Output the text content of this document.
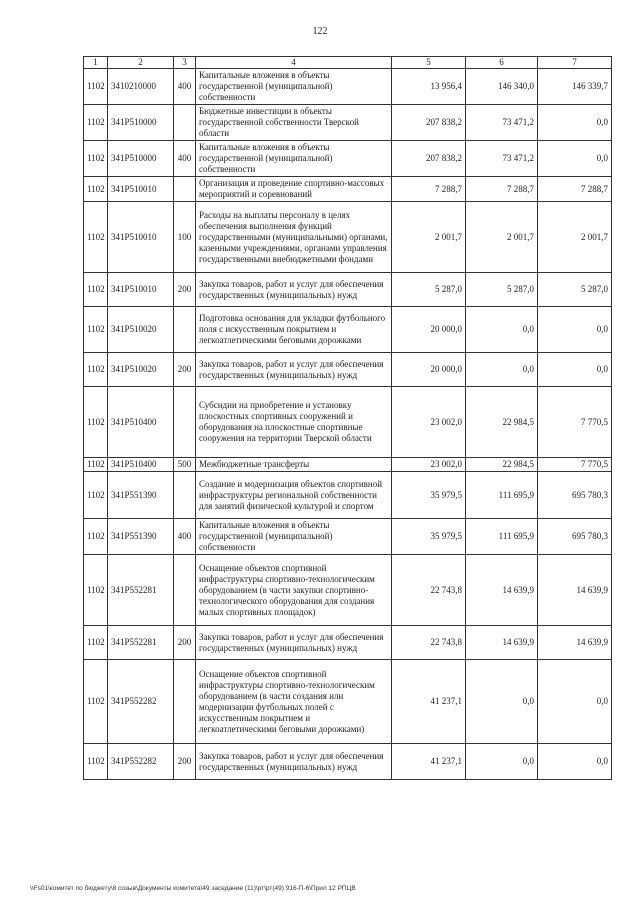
122
1	2	3	4	5	6	7
1102	3410210000	400	Капитальные вложения в объекты государственной (муниципальной) собственности	13 956,4	146 340,0	146 339,7
1102	341P510000		Бюджетные инвестиции в объекты государственной собственности Тверской области	207 838,2	73 471,2	0,0
1102	341P510000	400	Капитальные вложения в объекты государственной (муниципальной) собственности	207 838,2	73 471,2	0,0
1102	341P510010		Организация и проведение спортивно-массовых мероприятий и соревнований	7 288,7	7 288,7	7 288,7
1102	341P510010	100	Расходы на выплаты персоналу в целях обеспечения выполнения функций государственными (муниципальными) органами, казенными учреждениями, органами управления государственными внебюджетными фондами	2 001,7	2 001,7	2 001,7
1102	341P510010	200	Закупка товаров, работ и услуг для обеспечения государственных (муниципальных) нужд	5 287,0	5 287,0	5 287,0
1102	341P510020		Подготовка основания для укладки футбольного поля с искусственным покрытием и легкоатлетическими беговыми дорожками	20 000,0	0,0	0,0
1102	341P510020	200	Закупка товаров, работ и услуг для обеспечения государственных (муниципальных) нужд	20 000,0	0,0	0,0
1102	341P510400		Субсидии на приобретение и установку плоскостных спортивных сооружений и оборудования на плоскостные спортивные сооружения на территории Тверской области	23 002,0	22 984,5	7 770,5
1102	341P510400	500	Межбюджетные трансферты	23 002,0	22 984,5	7 770,5
1102	341P551390		Создание и модернизация объектов спортивной инфраструктуры региональной собственности для занятий физической культурой и спортом	35 979,5	111 695,9	695 780,3
1102	341P551390	400	Капитальные вложения в объекты государственной (муниципальной) собственности	35 979,5	111 695,9	695 780,3
1102	341P552281		Оснащение объектов спортивной инфраструктуры спортивно-технологическим оборудованием (в части закупки спортивно-технологического оборудования для создания малых спортивных площадок)	22 743,8	14 639,9	14 639,9
1102	341P552281	200	Закупка товаров, работ и услуг для обеспечения государственных (муниципальных) нужд	22 743,8	14 639,9	14 639,9
1102	341P552282		Оснащение объектов спортивной инфраструктуры спортивно-технологическим оборудованием (в части создания или модернизации футбольных полей с искусственным покрытием и легкоатлетическими беговыми дорожками)	41 237,1	0,0	0,0
1102	341P552282	200	Закупка товаров, работ и услуг для обеспечения государственных (муниципальных) нужд	41 237,1	0,0	0,0
\\Fs01\комитет по бюджету\8 созыв\Документы комитета\49 заседание (11)\рт\рт(49) 916-П-6\Прил 12 РПЦВ
